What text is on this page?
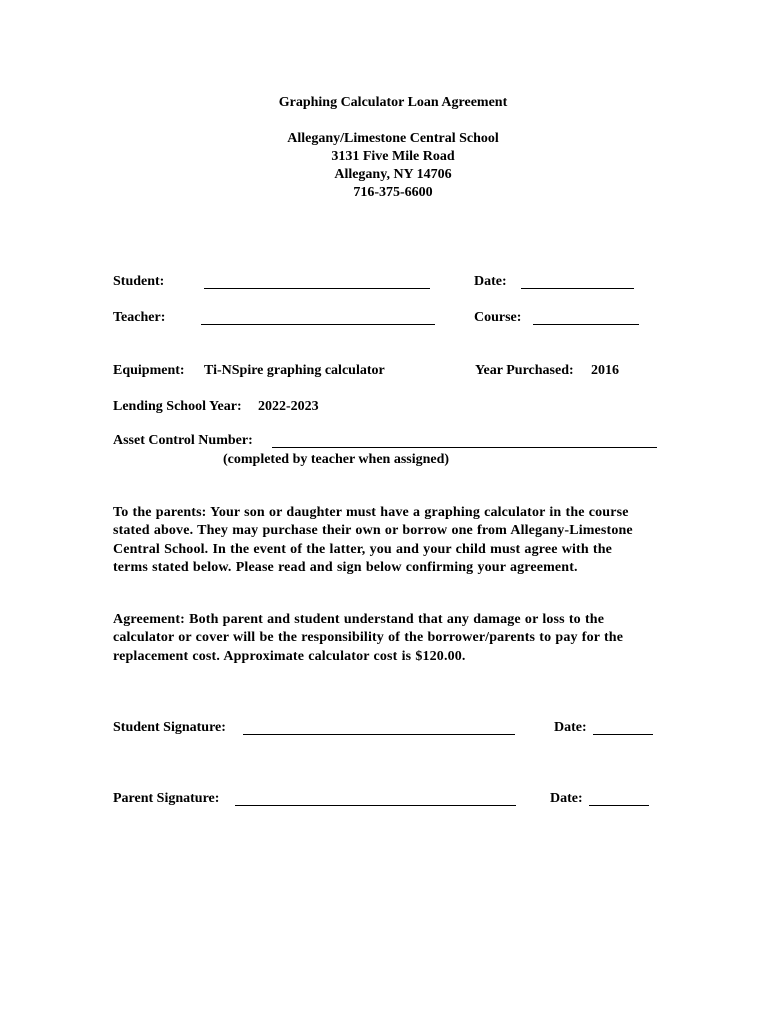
Graphing Calculator Loan Agreement
Allegany/Limestone Central School
3131 Five Mile Road
Allegany, NY 14706
716-375-6600
Student:	Date:
Teacher:	Course:
Equipment: Ti-NSpire graphing calculator	Year Purchased: 2016
Lending School Year: 2022-2023
Asset Control Number:
(completed by teacher when assigned)
To the parents: Your son or daughter must have a graphing calculator in the course
stated above. They may purchase their own or borrow one from Allegany-Limestone
Central School. In the event of the latter, you and your child must agree with the
terms stated below. Please read and sign below confirming your agreement.
Agreement: Both parent and student understand that any damage or loss to the
calculator or cover will be the responsibility of the borrower/parents to pay for the
replacement cost. Approximate calculator cost is $120.00.
Student Signature:	Date:
Parent Signature:	Date:
